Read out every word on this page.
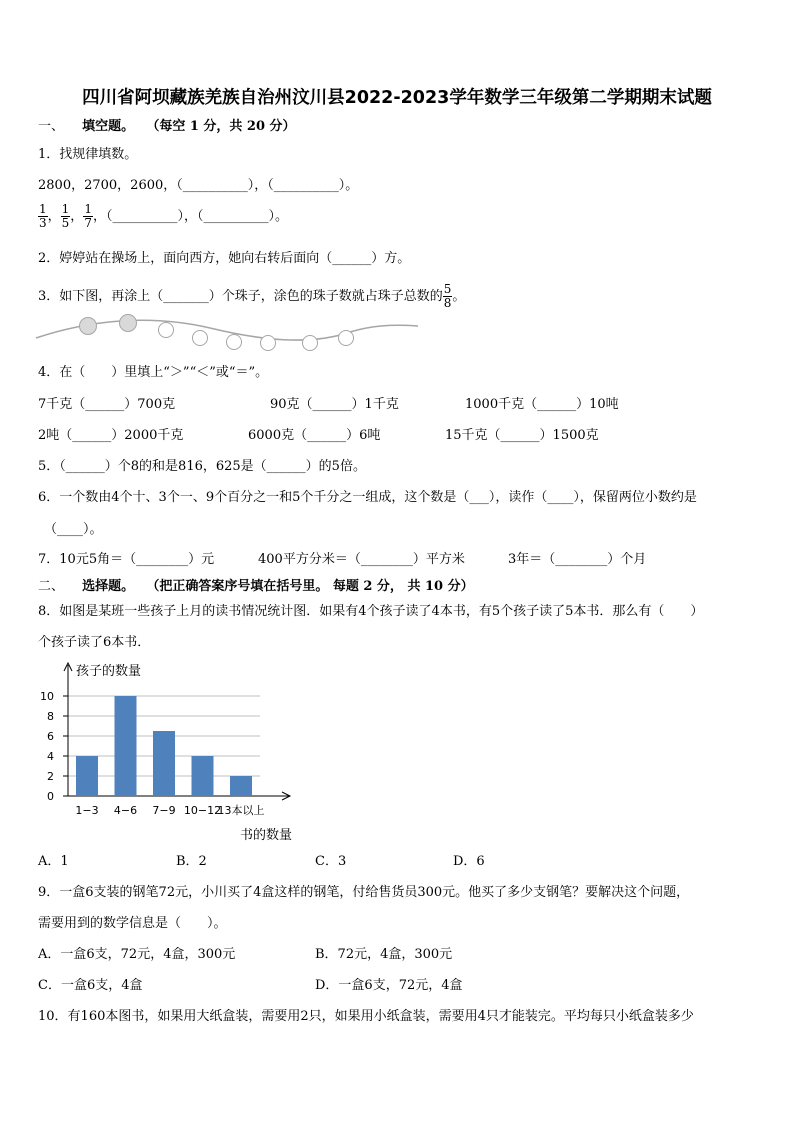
四川省阿坝藏族羌族自治州汶川县2022-2023学年数学三年级第二学期期末试题
一、 填空题。 （每空 1 分，共 20 分）
1．找规律填数。
2800，2700，2600，（__________），（__________）。
$\frac{1}{3}$ ， $\frac{1}{5}$ ， $\frac{1}{7}$ ，（__________），（__________）。
2．婷婷站在操场上，面向西方，她向右转后面向（______）方。
3．如下图，再涂上（_______）个珠子，涂色的珠子数就占珠子总数的 $\frac{5}{8}$ 。
4．在（　　）里填上“＞”“＜”或“＝”。
7千克（______）700克	90克（______）1千克	1000千克（______）10吨
2吨（______）2000千克	6000克（______）6吨	15千克（______）1500克
5．（______）个8的和是816，625是（______）的5倍。
6．一个数由4个十、3个一、9个百分之一和5个千分之一组成，这个数是（___），读作（____），保留两位小数约是
（____）。
7．10元5角＝（________）元	400平方分米＝（________）平方米	3年＝（________）个月
二、 选择题。 （把正确答案序号填在括号里。 每题 2 分， 共 10 分）
8．如图是某班一些孩子上月的读书情况统计图．如果有4个孩子读了4本书，有5个孩子读了5本书．那么有（　　）
个孩子读了6本书．
0
2
4
6
8
10
孩子的数量
1−3 4−6 7−9 10−12
13本以上
书的数量
A．1	B．2	C．3	D．6
9．一盒6支装的钢笔72元，小川买了4盒这样的钢笔，付给售货员300元。他买了多少支钢笔？要解决这个问题，
需要用到的数学信息是（　　）。
A．一盒6支，72元，4盒，300元	B．72元，4盒，300元
C．一盒6支，4盒	D．一盒6支，72元，4盒
10．有160本图书，如果用大纸盒装，需要用2只，如果用小纸盒装，需要用4只才能装完。平均每只小纸盒装多少
